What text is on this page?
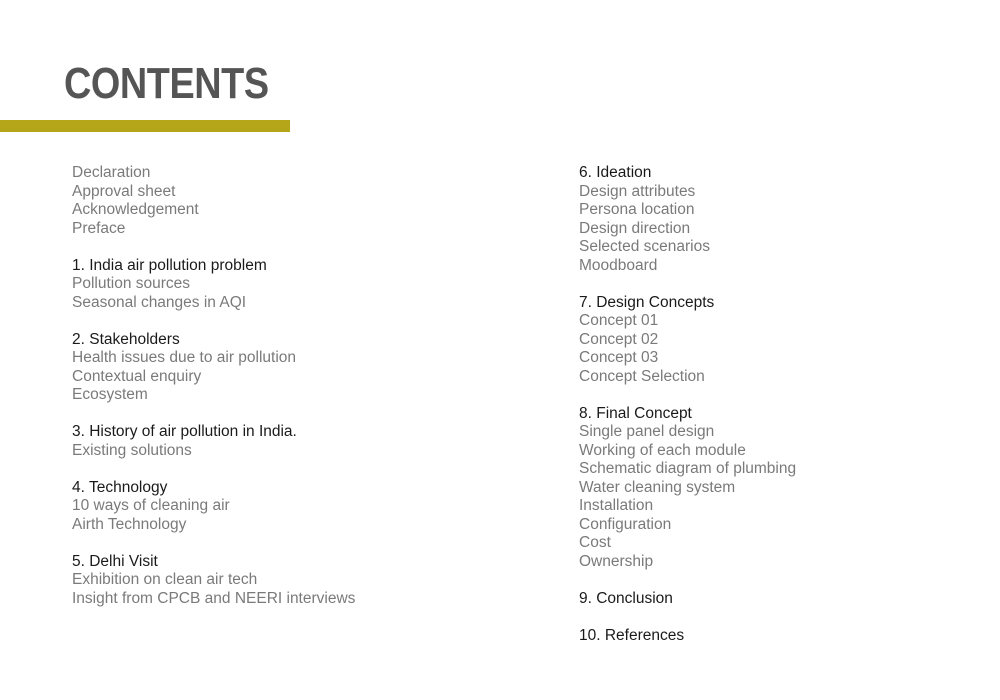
CONTENTS
Declaration
Approval sheet
Acknowledgement
Preface
1. India air pollution problem
Pollution sources
Seasonal changes in AQI
2. Stakeholders
Health issues due to air pollution
Contextual enquiry
Ecosystem
3. History of air pollution in India.
Existing solutions
4. Technology
10 ways of cleaning air
Airth Technology
5. Delhi Visit
Exhibition on clean air tech
Insight from CPCB and NEERI interviews
6. Ideation
Design attributes
Persona location
Design direction
Selected scenarios
Moodboard
7. Design Concepts
Concept 01
Concept 02
Concept 03
Concept Selection
8. Final Concept
Single panel design
Working of each module
Schematic diagram of plumbing
Water cleaning system
Installation
Configuration
Cost
Ownership
9. Conclusion
10. References
